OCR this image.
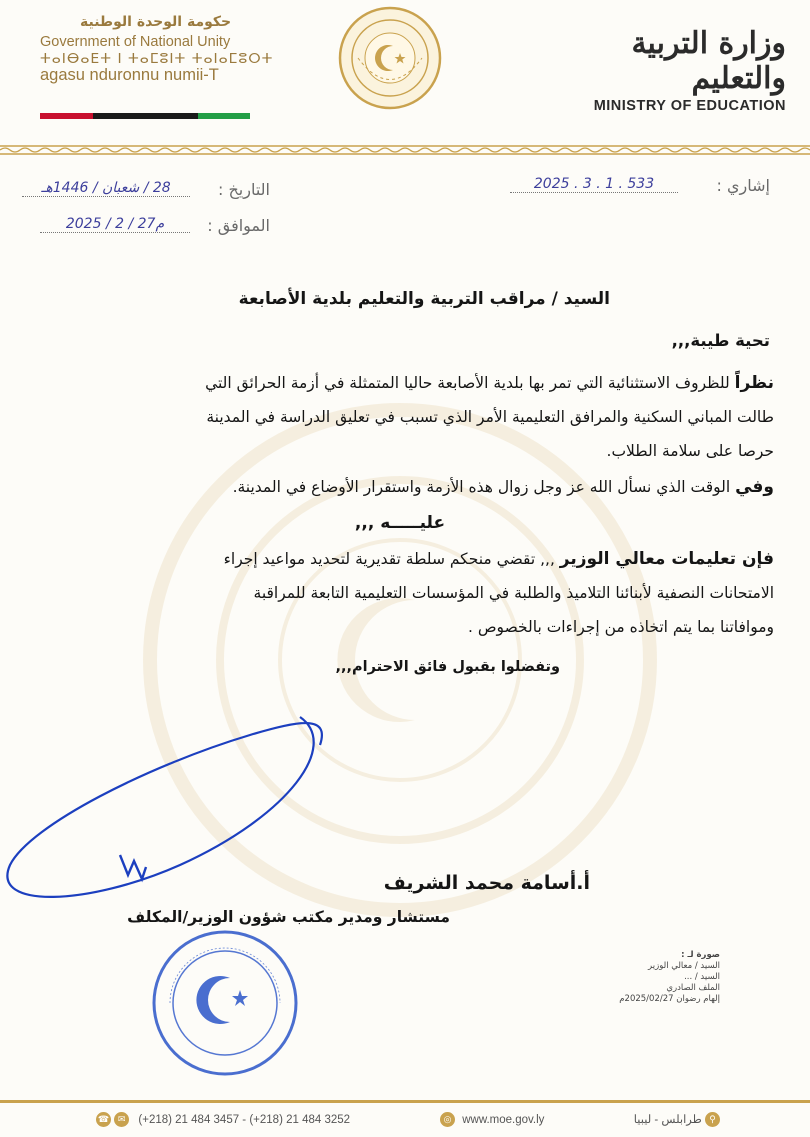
حكومة الوحدة الوطنية
Government of National Unity
ⵜⴰⵏⴱⴰⴹⵜ ⵏ ⵜⴰⵎⵓⵏⵜ ⵜⴰⵏⴰⵎⵓⵔⵜ
agasu nduronnu numii-T
وزارة التربية والتعليم
MINISTRY OF EDUCATION
إشاري :
2025 . 3 . 1 . 533
التاريخ :
28 / شعبان / 1446هـ
الموافق :
2025 / 2 / 27م
السيد / مراقب التربية والتعليم بلدية الأصابعة
تحية طيبة,,,
نظراً للظروف الاستثنائية التي تمر بها بلدية الأصابعة حاليا المتمثلة في أزمة الحرائق التي
طالت المباني السكنية والمرافق التعليمية الأمر الذي تسبب في تعليق الدراسة في المدينة
حرصا على سلامة الطلاب.
وفي الوقت الذي نسأل الله عز وجل زوال هذه الأزمة واستقرار الأوضاع في المدينة.
عليـــــه ,,,
فإن تعليمات معالي الوزير ,,, تقضي منحكم سلطة تقديرية لتحديد مواعيد إجراء
الامتحانات النصفية لأبنائنا التلاميذ والطلبة في المؤسسات التعليمية التابعة للمراقبة
وموافاتنا بما يتم اتخاذه من إجراءات بالخصوص .
وتفضلوا بقبول فائق الاحترام,,,
أ.أسامة محمد الشريف
مستشار ومدير مكتب شؤون الوزير/المكلف
صورة لـ :
السيد / معالي الوزير
السيد / ...
الملف الصادري
إلهام رضوان 2025/02/27م
☎ ✉ (+218) 21 484 3457 - (+218) 21 484 3252	◎ www.moe.gov.ly	⚲ طرابلس - ليبيا
